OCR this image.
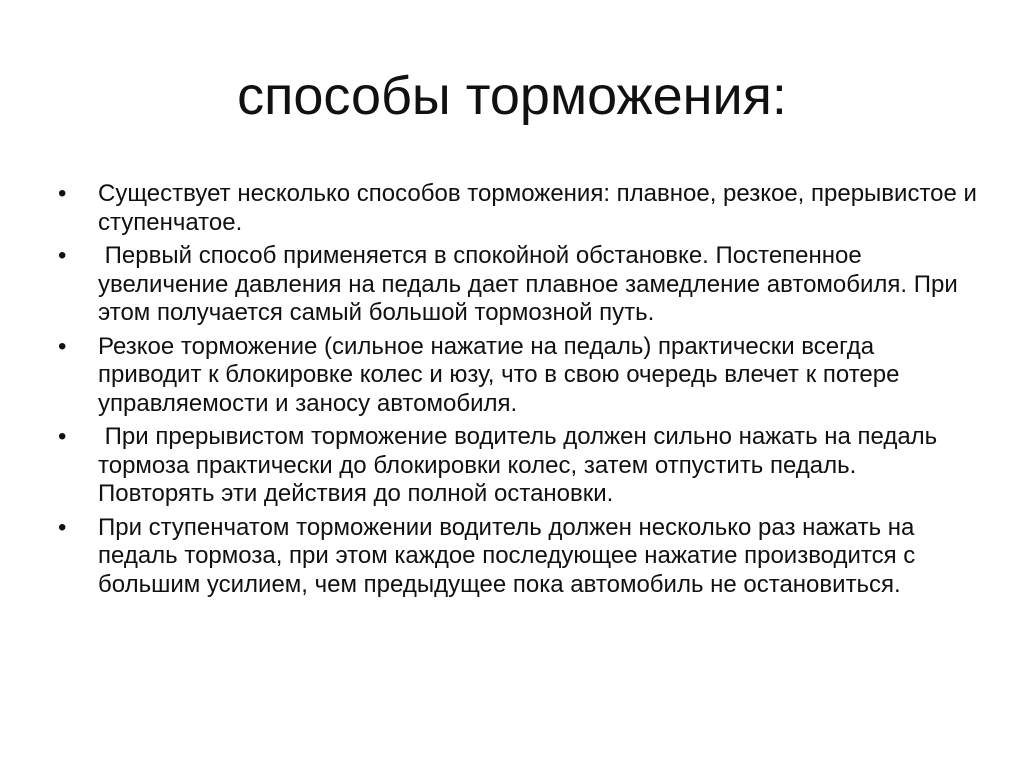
способы торможения:
•	Существует несколько способов торможения: плавное, резкое, прерывистое и ступенчатое.
•	Первый способ применяется в спокойной обстановке. Постепенное увеличение давления на педаль дает плавное замедление автомобиля. При этом получается самый большой тормозной путь.
•	Резкое торможение (сильное нажатие на педаль) практически всегда приводит к блокировке колес и юзу, что в свою очередь влечет к потере управляемости и заносу автомобиля.
•	При прерывистом торможение водитель должен сильно нажать на педаль тормоза практически до блокировки колес, затем отпустить педаль. Повторять эти действия до полной остановки.
•	При ступенчатом торможении водитель должен несколько раз нажать на педаль тормоза, при этом каждое последующее нажатие производится с большим усилием, чем предыдущее пока автомобиль не остановиться.
